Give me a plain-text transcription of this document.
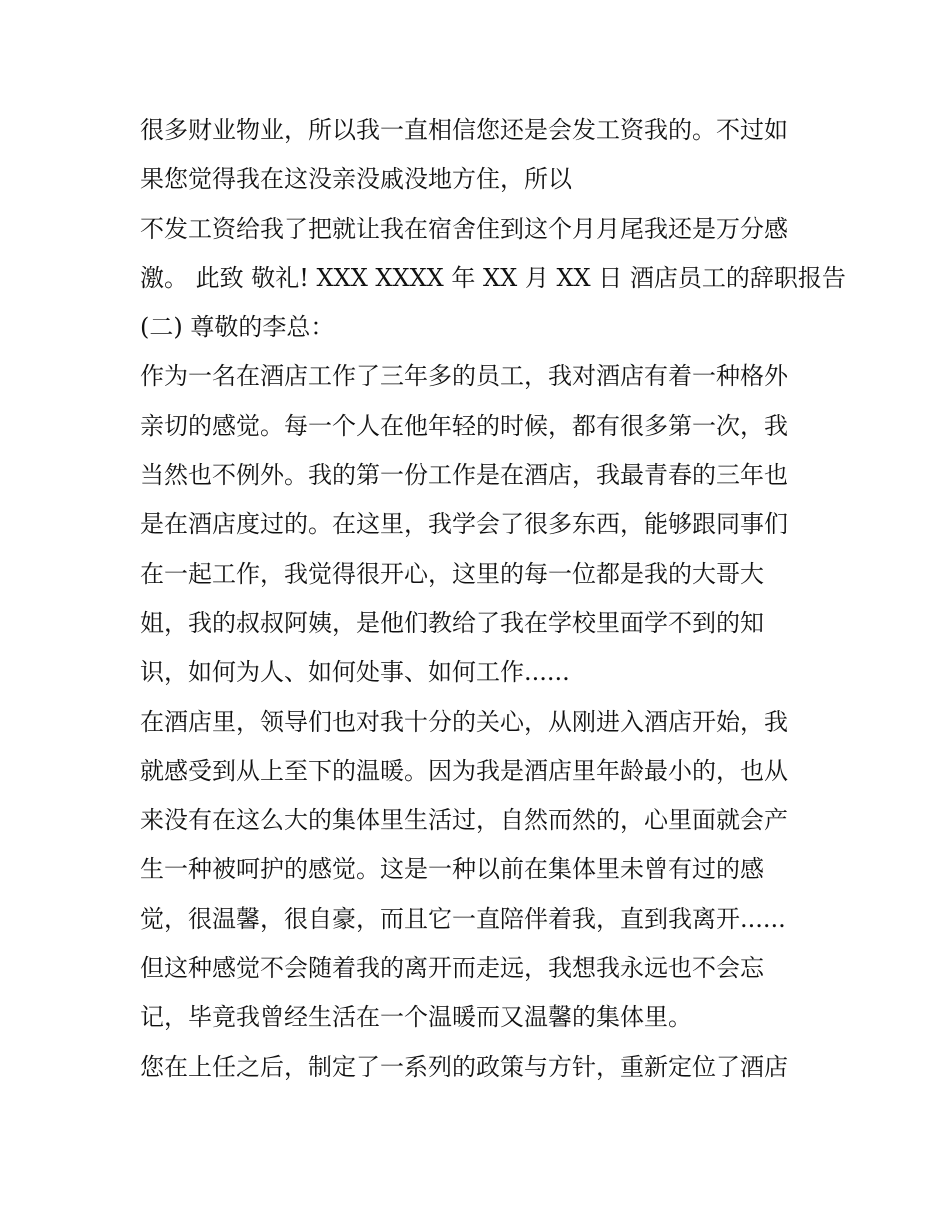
很多财业物业，所以我一直相信您还是会发工资我的。不过如
果您觉得我在这没亲没戚没地方住，所以
不发工资给我了把就让我在宿舍住到这个月月尾我还是万分感
激。 此致 敬礼! XXX XXXX 年 XX 月 XX 日 酒店员工的辞职报告
(二) 尊敬的李总：
作为一名在酒店工作了三年多的员工，我对酒店有着一种格外
亲切的感觉。每一个人在他年轻的时候，都有很多第一次，我
当然也不例外。我的第一份工作是在酒店，我最青春的三年也
是在酒店度过的。在这里，我学会了很多东西，能够跟同事们
在一起工作，我觉得很开心，这里的每一位都是我的大哥大
姐，我的叔叔阿姨，是他们教给了我在学校里面学不到的知
识，如何为人、如何处事、如何工作......
在酒店里，领导们也对我十分的关心，从刚进入酒店开始，我
就感受到从上至下的温暖。因为我是酒店里年龄最小的，也从
来没有在这么大的集体里生活过，自然而然的，心里面就会产
生一种被呵护的感觉。这是一种以前在集体里未曾有过的感
觉，很温馨，很自豪，而且它一直陪伴着我，直到我离开......
但这种感觉不会随着我的离开而走远，我想我永远也不会忘
记，毕竟我曾经生活在一个温暖而又温馨的集体里。
您在上任之后，制定了一系列的政策与方针，重新定位了酒店
